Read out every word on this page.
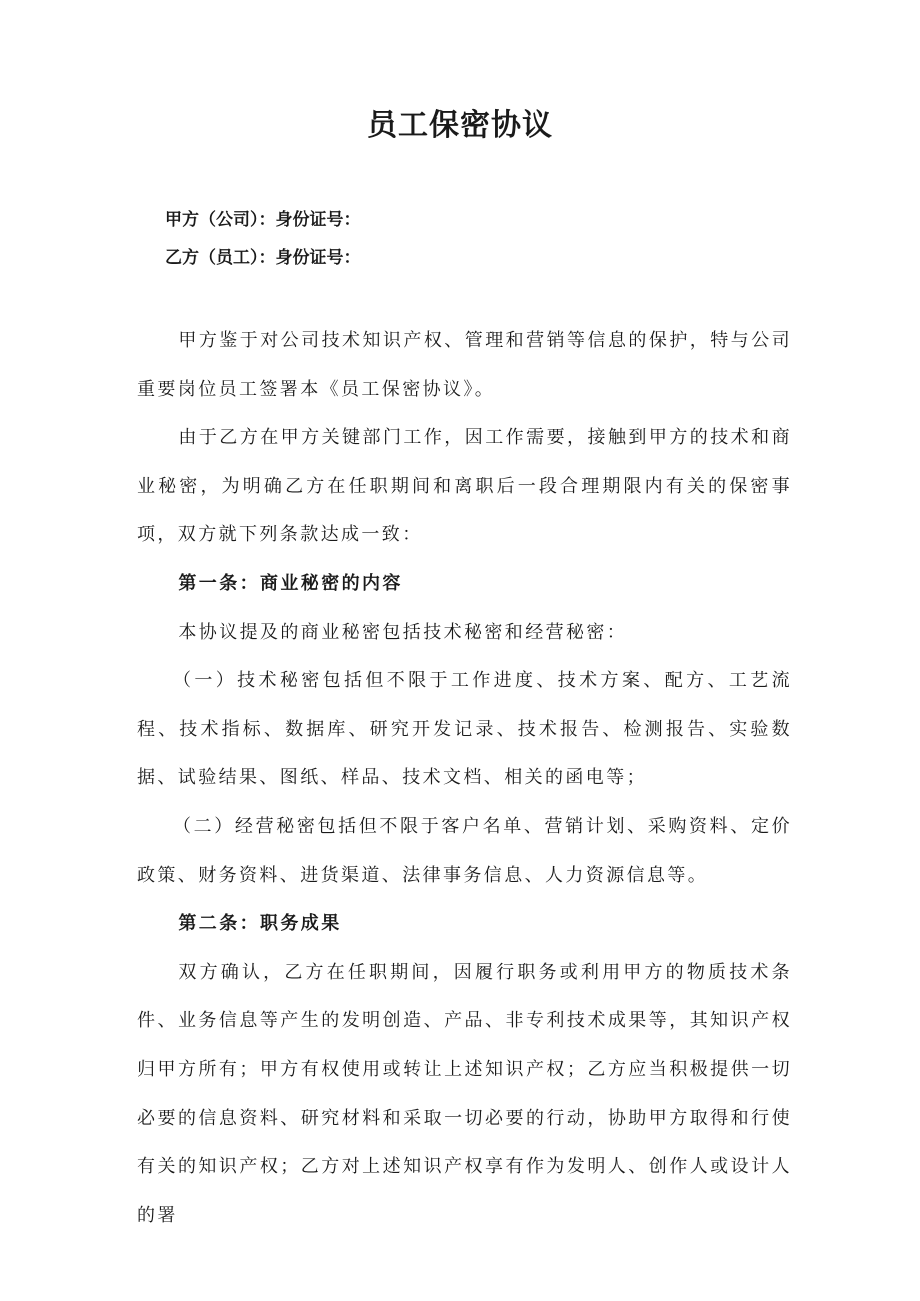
员工保密协议

甲方（公司）：身份证号：

乙方（员工）：身份证号：

甲方鉴于对公司技术知识产权、管理和营销等信息的保护，特与公司重要岗位员工签署本《员工保密协议》。

由于乙方在甲方关键部门工作，因工作需要，接触到甲方的技术和商业秘密，为明确乙方在任职期间和离职后一段合理期限内有关的保密事项，双方就下列条款达成一致：

第一条：商业秘密的内容

本协议提及的商业秘密包括技术秘密和经营秘密：

（一）技术秘密包括但不限于工作进度、技术方案、配方、工艺流程、技术指标、数据库、研究开发记录、技术报告、检测报告、实验数据、试验结果、图纸、样品、技术文档、相关的函电等；

（二）经营秘密包括但不限于客户名单、营销计划、采购资料、定价政策、财务资料、进货渠道、法律事务信息、人力资源信息等。

第二条：职务成果

双方确认，乙方在任职期间，因履行职务或利用甲方的物质技术条件、业务信息等产生的发明创造、产品、非专利技术成果等，其知识产权归甲方所有；甲方有权使用或转让上述知识产权；乙方应当积极提供一切必要的信息资料、研究材料和采取一切必要的行动，协助甲方取得和行使有关的知识产权；乙方对上述知识产权享有作为发明人、创作人或设计人的署
